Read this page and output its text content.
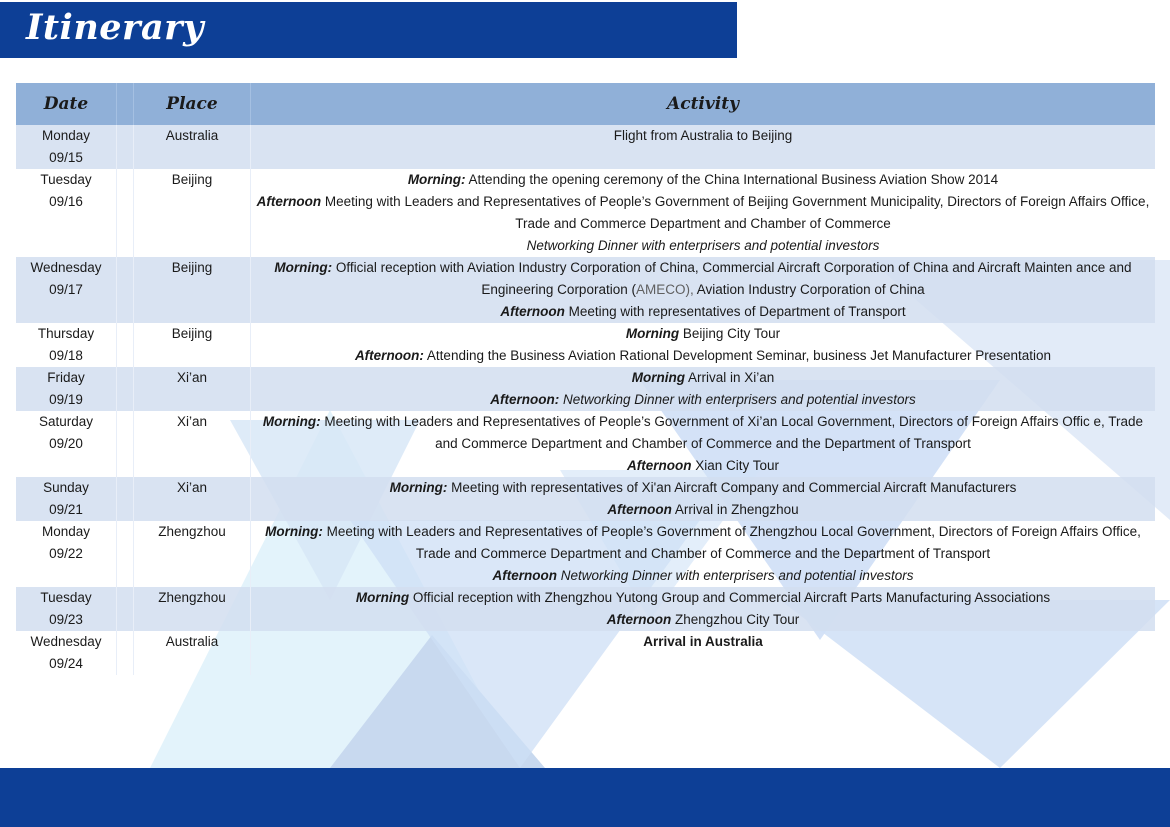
Itinerary
Date		Place	Activity

Monday
09/15		Australia	Flight from Australia to Beijing

Tuesday
09/16		Beijing	Morning: Attending the opening ceremony of the China International Business Aviation Show 2014
Afternoon Meeting with Leaders and Representatives of People’s Government of Beijing Government Municipality, Directors of Foreign Affairs Office, Trade and Commerce Department and Chamber of Commerce
Networking Dinner with enterprisers and potential investors

Wednesday
09/17		Beijing	Morning: Official reception with Aviation Industry Corporation of China, Commercial Aircraft Corporation of China and Aircraft Mainten ance and Engineering Corporation (AMECO), Aviation Industry Corporation of China
Afternoon Meeting with representatives of Department of Transport

Thursday
09/18		Beijing	Morning Beijing City Tour
Afternoon: Attending the Business Aviation Rational Development Seminar, business Jet Manufacturer Presentation

Friday
09/19		Xi’an	Morning Arrival in Xi’an
Afternoon: Networking Dinner with enterprisers and potential investors

Saturday
09/20		Xi’an	Morning: Meeting with Leaders and Representatives of People’s Government of Xi’an Local Government, Directors of Foreign Affairs Offic e, Trade and Commerce Department and Chamber of Commerce and the Department of Transport
Afternoon Xian City Tour

Sunday
09/21		Xi’an	Morning: Meeting with representatives of Xi'an Aircraft Company and Commercial Aircraft Manufacturers
Afternoon Arrival in Zhengzhou

Monday
09/22		Zhengzhou	Morning: Meeting with Leaders and Representatives of People’s Government of Zhengzhou Local Government, Directors of Foreign Affairs Office, Trade and Commerce Department and Chamber of Commerce and the Department of Transport
Afternoon Networking Dinner with enterprisers and potential investors

Tuesday
09/23		Zhengzhou	Morning Official reception with Zhengzhou Yutong Group and Commercial Aircraft Parts Manufacturing Associations
Afternoon Zhengzhou City Tour

Wednesday
09/24		Australia	Arrival in Australia
